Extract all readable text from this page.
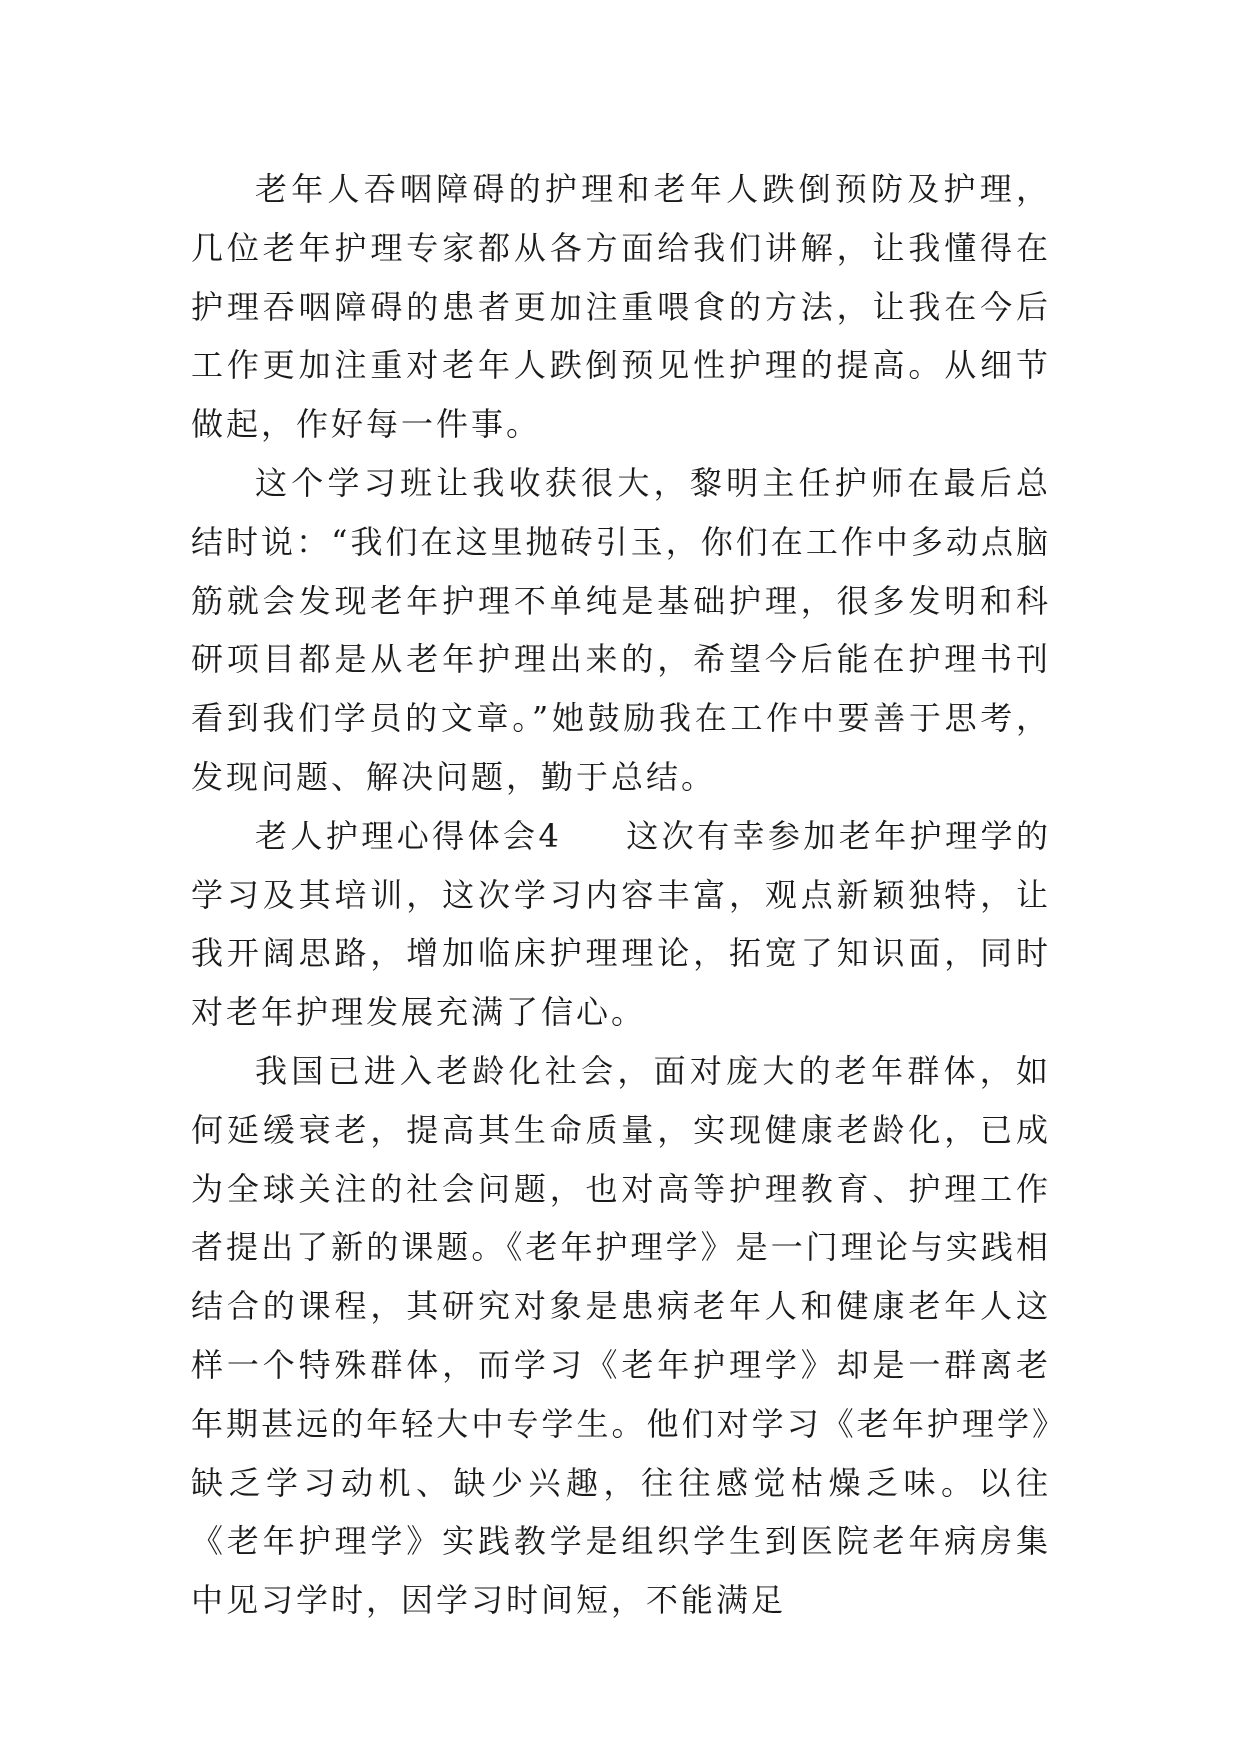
老年人吞咽障碍的护理和老年人跌倒预防及护理，几位老年护理专家都从各方面给我们讲解，让我懂得在护理吞咽障碍的患者更加注重喂食的方法，让我在今后工作更加注重对老年人跌倒预见性护理的提高。从细节做起，作好每一件事。

这个学习班让我收获很大，黎明主任护师在最后总结时说：“我们在这里抛砖引玉，你们在工作中多动点脑筋就会发现老年护理不单纯是基础护理，很多发明和科研项目都是从老年护理出来的，希望今后能在护理书刊看到我们学员的文章。”她鼓励我在工作中要善于思考，发现问题、解决问题，勤于总结。

老人护理心得体会4 这次有幸参加老年护理学的学习及其培训，这次学习内容丰富，观点新颖独特，让我开阔思路，增加临床护理理论，拓宽了知识面，同时对老年护理发展充满了信心。

我国已进入老龄化社会，面对庞大的老年群体，如何延缓衰老，提高其生命质量，实现健康老龄化，已成为全球关注的社会问题，也对高等护理教育、护理工作者提出了新的课题。《老年护理学》是一门理论与实践相结合的课程，其研究对象是患病老年人和健康老年人这样一个特殊群体，而学习《老年护理学》却是一群离老年期甚远的年轻大中专学生。他们对学习《老年护理学》缺乏学习动机、缺少兴趣，往往感觉枯燥乏味。以往《老年护理学》实践教学是组织学生到医院老年病房集中见习学时，因学习时间短，不能满足
